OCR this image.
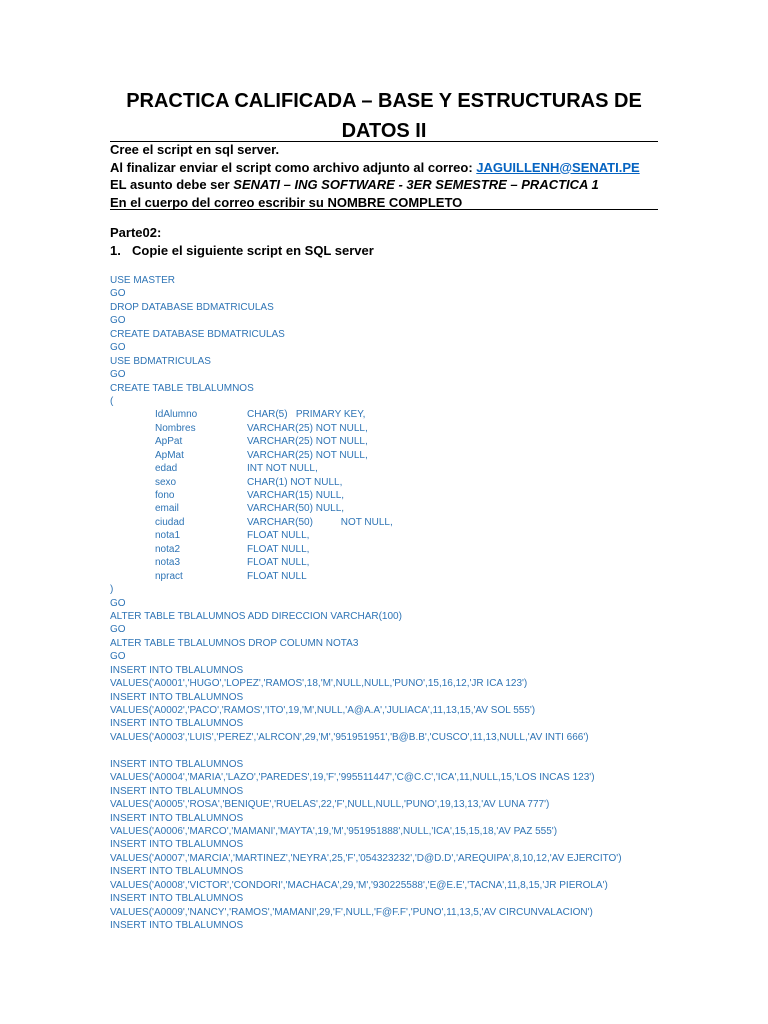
PRACTICA CALIFICADA – BASE Y ESTRUCTURAS DE
DATOS II
Cree el script en sql server.
Al finalizar enviar el script como archivo adjunto al correo: JAGUILLENH@SENATI.PE
EL asunto debe ser SENATI – ING SOFTWARE - 3ER SEMESTRE – PRACTICA 1
En el cuerpo del correo escribir su NOMBRE COMPLETO
Parte02:
1. Copie el siguiente script en SQL server
USE MASTER
GO
DROP DATABASE BDMATRICULAS
GO
CREATE DATABASE BDMATRICULAS
GO
USE BDMATRICULAS
GO
CREATE TABLE TBLALUMNOS
(
IdAlumno	CHAR(5)   PRIMARY KEY,
Nombres	VARCHAR(25) NOT NULL,
ApPat	VARCHAR(25) NOT NULL,
ApMat	VARCHAR(25) NOT NULL,
edad	INT NOT NULL,
sexo	CHAR(1) NOT NULL,
fono	VARCHAR(15) NULL,
email	VARCHAR(50) NULL,
ciudad	VARCHAR(50)          NOT NULL,
nota1	FLOAT NULL,
nota2	FLOAT NULL,
nota3	FLOAT NULL,
npract	FLOAT NULL
)
GO
ALTER TABLE TBLALUMNOS ADD DIRECCION VARCHAR(100)
GO
ALTER TABLE TBLALUMNOS DROP COLUMN NOTA3
GO
INSERT INTO TBLALUMNOS
VALUES('A0001','HUGO','LOPEZ','RAMOS',18,'M',NULL,NULL,'PUNO',15,16,12,'JR ICA 123')
INSERT INTO TBLALUMNOS
VALUES('A0002','PACO','RAMOS','ITO',19,'M',NULL,'A@A.A','JULIACA',11,13,15,'AV SOL 555')
INSERT INTO TBLALUMNOS
VALUES('A0003','LUIS','PEREZ','ALRCON',29,'M','951951951','B@B.B','CUSCO',11,13,NULL,'AV INTI 666')
INSERT INTO TBLALUMNOS
VALUES('A0004','MARIA','LAZO','PAREDES',19,'F','995511447','C@C.C','ICA',11,NULL,15,'LOS INCAS 123')
INSERT INTO TBLALUMNOS
VALUES('A0005','ROSA','BENIQUE','RUELAS',22,'F',NULL,NULL,'PUNO',19,13,13,'AV LUNA 777')
INSERT INTO TBLALUMNOS
VALUES('A0006','MARCO','MAMANI','MAYTA',19,'M','951951888',NULL,'ICA',15,15,18,'AV PAZ 555')
INSERT INTO TBLALUMNOS
VALUES('A0007','MARCIA','MARTINEZ','NEYRA',25,'F','054323232','D@D.D','AREQUIPA',8,10,12,'AV EJERCITO')
INSERT INTO TBLALUMNOS
VALUES('A0008','VICTOR','CONDORI','MACHACA',29,'M','930225588','E@E.E','TACNA',11,8,15,'JR PIEROLA')
INSERT INTO TBLALUMNOS
VALUES('A0009','NANCY','RAMOS','MAMANI',29,'F',NULL,'F@F.F','PUNO',11,13,5,'AV CIRCUNVALACION')
INSERT INTO TBLALUMNOS
